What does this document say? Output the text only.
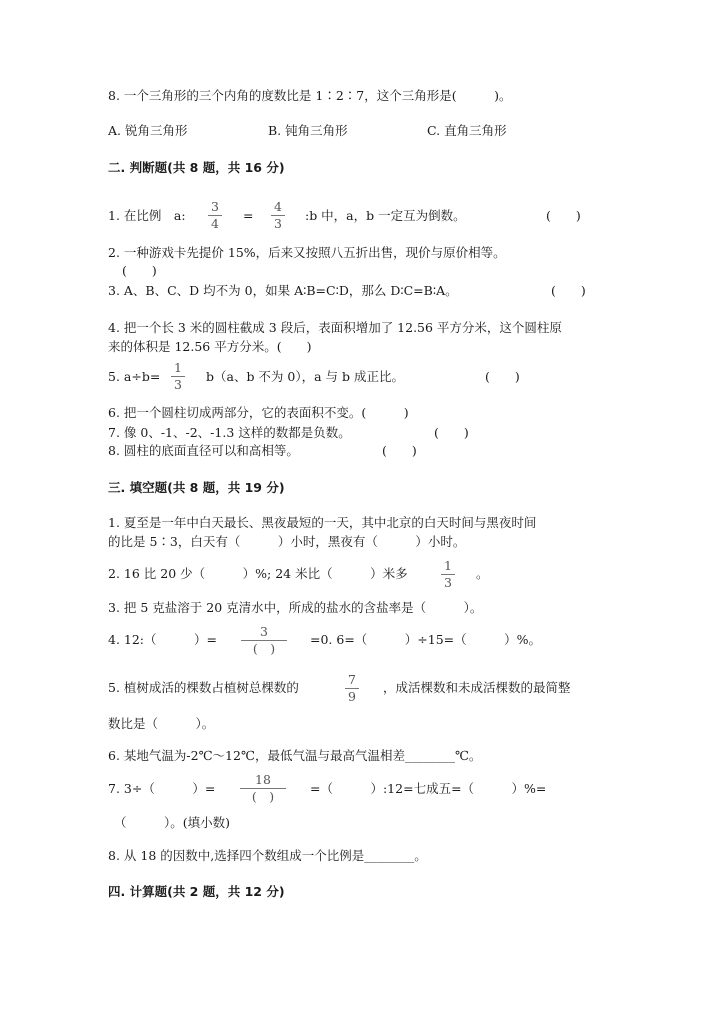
8. 一个三角形的三个内角的度数比是 1∶2∶7，这个三角形是(　　　)。
A. 锐角三角形	B. 钝角三角形	C. 直角三角形
二. 判断题(共 8 题，共 16 分)
1. 在比例　a:
3
4
=
4
3
:b 中，a，b 一定互为倒数。	(　　)
2. 一种游戏卡先提价 15%，后来又按照八五折出售，现价与原价相等。
(　　)
3. A、B、C、D 均不为 0，如果 A∶B=C∶D，那么 D∶C=B∶A。	(　　)
4. 把一个长 3 米的圆柱截成 3 段后，表面积增加了 12.56 平方分米，这个圆柱原
来的体积是 12.56 平方分米。(　　)
5. a÷b=
1
3
b（a、b 不为 0），a 与 b 成正比。	(　　)
6. 把一个圆柱切成两部分，它的表面积不变。(　　　)
7. 像 0、-1、-2、-1.3 这样的数都是负数。	(　　)
8. 圆柱的底面直径可以和高相等。	(　　)
三. 填空题(共 8 题，共 19 分)
1. 夏至是一年中白天最长、黑夜最短的一天，其中北京的白天时间与黑夜时间
的比是 5∶3，白天有（　　　）小时，黑夜有（　　　）小时。
2. 16 比 20 少（　　　）%; 24 米比（　　　）米多
1
3
。
3. 把 5 克盐溶于 20 克清水中，所成的盐水的含盐率是（　　　）。
4. 12:（　　　）=
3
(　)
=0. 6=（　　　）÷15=（　　　）%。
5. 植树成活的棵数占植树总棵数的
7
9
，成活棵数和未成活棵数的最简整
数比是（　　　）。
6. 某地气温为-2℃～12℃，最低气温与最高气温相差________℃。
7. 3÷（　　　）=
18
(　)
=（　　　）:12=七成五=（　　　）%=
（　　　）。(填小数)
8. 从 18 的因数中,选择四个数组成一个比例是________。
四. 计算题(共 2 题，共 12 分)
